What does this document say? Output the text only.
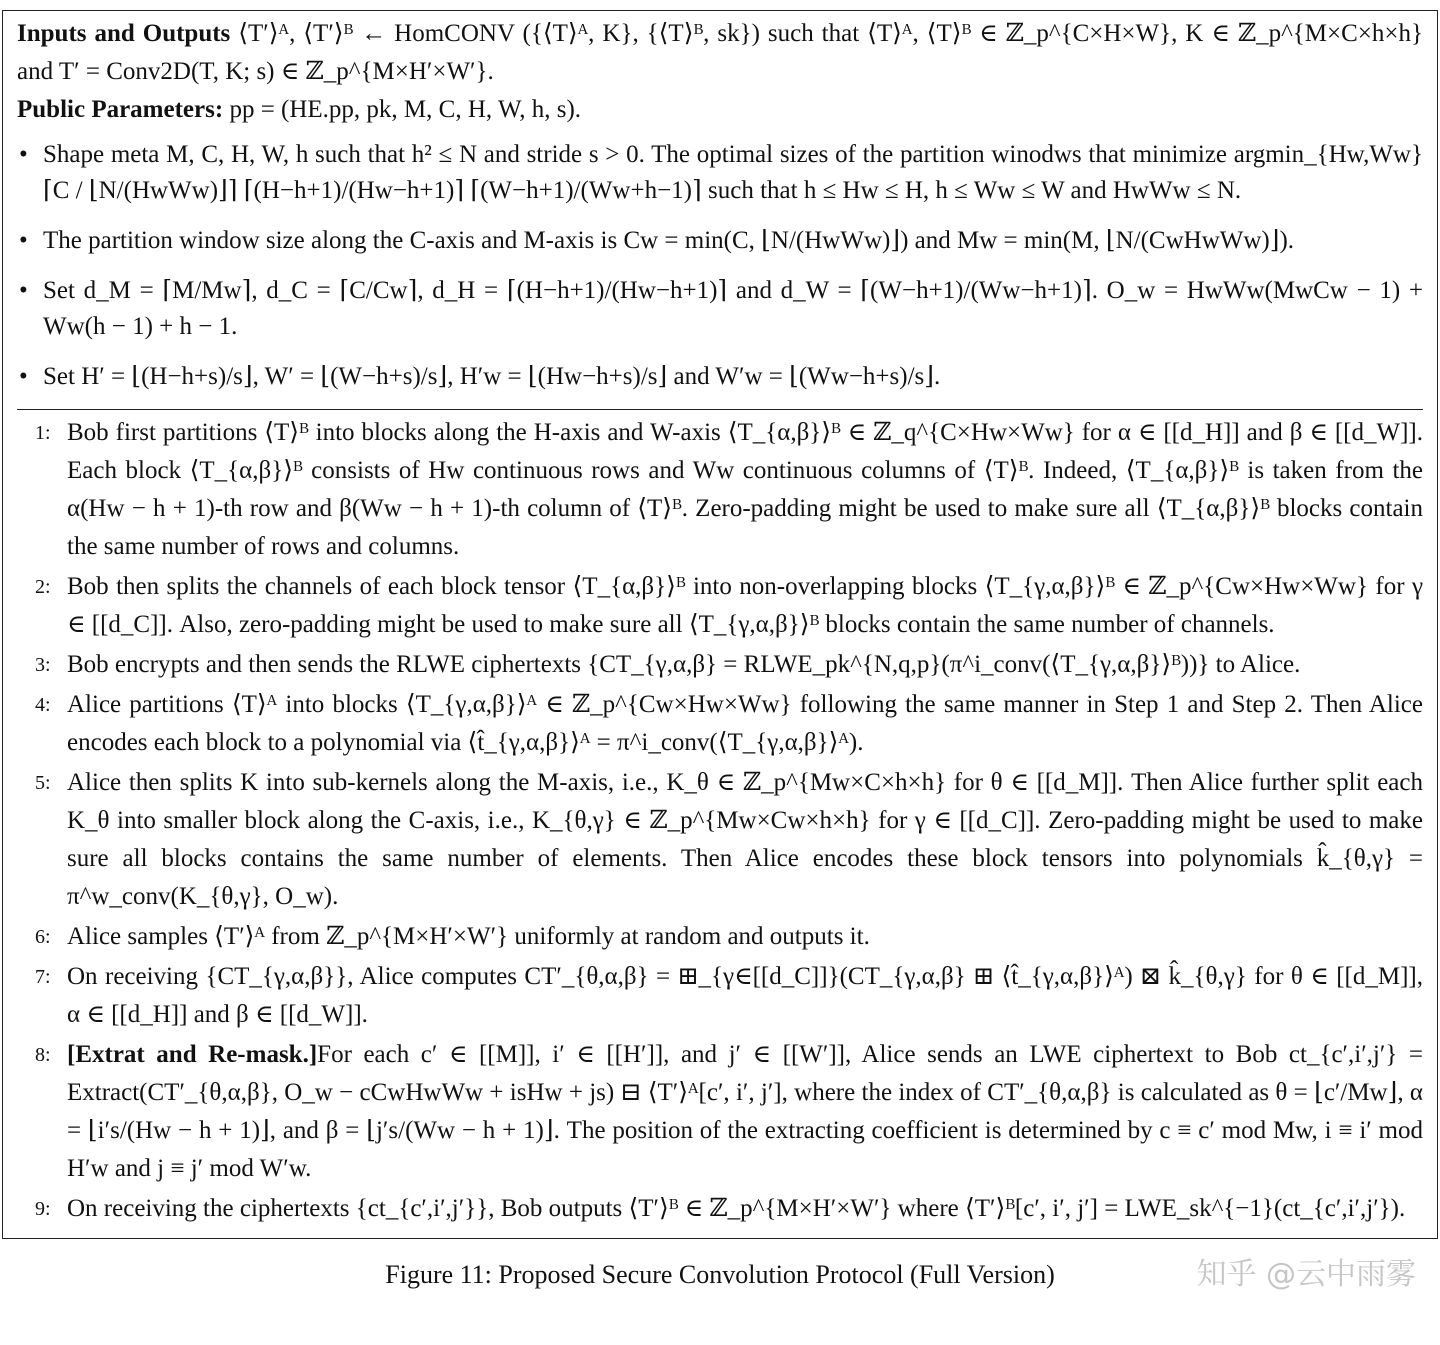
Inputs and Outputs ⟨T′⟩ᴬ, ⟨T′⟩ᴮ ← HomCONV ({⟨T⟩ᴬ, K}, {⟨T⟩ᴮ, sk}) such that ⟨T⟩ᴬ, ⟨T⟩ᴮ ∈ ℤ_p^{C×H×W}, K ∈ ℤ_p^{M×C×h×h} and T′ = Conv2D(T, K; s) ∈ ℤ_p^{M×H′×W′}.

Public Parameters: pp = (HE.pp, pk, M, C, H, W, h, s).

• Shape meta M, C, H, W, h such that h² ≤ N and stride s > 0. The optimal sizes of the partition winodws that minimize argmin_{Hw,Ww} ⌈C / ⌊N/(HwWw)⌋⌉ ⌈(H−h+1)/(Hw−h+1)⌉ ⌈(W−h+1)/(Ww+h−1)⌉ such that h ≤ Hw ≤ H, h ≤ Ww ≤ W and HwWw ≤ N.
• The partition window size along the C-axis and M-axis is Cw = min(C, ⌊N/(HwWw)⌋) and Mw = min(M, ⌊N/(CwHwWw)⌋).
• Set d_M = ⌈M/Mw⌉, d_C = ⌈C/Cw⌉, d_H = ⌈(H−h+1)/(Hw−h+1)⌉ and d_W = ⌈(W−h+1)/(Ww−h+1)⌉. O_w = HwWw(MwCw − 1) + Ww(h − 1) + h − 1.
• Set H′ = ⌊(H−h+s)/s⌋, W′ = ⌊(W−h+s)/s⌋, H′w = ⌊(Hw−h+s)/s⌋ and W′w = ⌊(Ww−h+s)/s⌋.
1: Bob first partitions ⟨T⟩ᴮ into blocks along the H-axis and W-axis ⟨T_{α,β}⟩ᴮ ∈ ℤ_q^{C×Hw×Ww} for α ∈ [[d_H]] and β ∈ [[d_W]]. Each block ⟨T_{α,β}⟩ᴮ consists of Hw continuous rows and Ww continuous columns of ⟨T⟩ᴮ. Indeed, ⟨T_{α,β}⟩ᴮ is taken from the α(Hw − h + 1)-th row and β(Ww − h + 1)-th column of ⟨T⟩ᴮ. Zero-padding might be used to make sure all ⟨T_{α,β}⟩ᴮ blocks contain the same number of rows and columns.
2: Bob then splits the channels of each block tensor ⟨T_{α,β}⟩ᴮ into non-overlapping blocks ⟨T_{γ,α,β}⟩ᴮ ∈ ℤ_p^{Cw×Hw×Ww} for γ ∈ [[d_C]]. Also, zero-padding might be used to make sure all ⟨T_{γ,α,β}⟩ᴮ blocks contain the same number of channels.
3: Bob encrypts and then sends the RLWE ciphertexts {CT_{γ,α,β} = RLWE_pk^{N,q,p}(π^i_conv(⟨T_{γ,α,β}⟩ᴮ))} to Alice.
4: Alice partitions ⟨T⟩ᴬ into blocks ⟨T_{γ,α,β}⟩ᴬ ∈ ℤ_p^{Cw×Hw×Ww} following the same manner in Step 1 and Step 2. Then Alice encodes each block to a polynomial via ⟨t̂_{γ,α,β}⟩ᴬ = π^i_conv(⟨T_{γ,α,β}⟩ᴬ).
5: Alice then splits K into sub-kernels along the M-axis, i.e., K_θ ∈ ℤ_p^{Mw×C×h×h} for θ ∈ [[d_M]]. Then Alice further split each K_θ into smaller block along the C-axis, i.e., K_{θ,γ} ∈ ℤ_p^{Mw×Cw×h×h} for γ ∈ [[d_C]]. Zero-padding might be used to make sure all blocks contains the same number of elements. Then Alice encodes these block tensors into polynomials k̂_{θ,γ} = π^w_conv(K_{θ,γ}, O_w).
6: Alice samples ⟨T′⟩ᴬ from ℤ_p^{M×H′×W′} uniformly at random and outputs it.
7: On receiving {CT_{γ,α,β}}, Alice computes CT′_{θ,α,β} = ⊞_{γ∈[[d_C]]}(CT_{γ,α,β} ⊞ ⟨t̂_{γ,α,β}⟩ᴬ) ⊠ k̂_{θ,γ} for θ ∈ [[d_M]], α ∈ [[d_H]] and β ∈ [[d_W]].
8: [Extrat and Re-mask.]For each c′ ∈ [[M]], i′ ∈ [[H′]], and j′ ∈ [[W′]], Alice sends an LWE ciphertext to Bob ct_{c′,i′,j′} = Extract(CT′_{θ,α,β}, O_w − cCwHwWw + isHw + js) ⊟ ⟨T′⟩ᴬ[c′, i′, j′], where the index of CT′_{θ,α,β} is calculated as θ = ⌊c′/Mw⌋, α = ⌊i′s/(Hw − h + 1)⌋, and β = ⌊j′s/(Ww − h + 1)⌋. The position of the extracting coefficient is determined by c ≡ c′ mod Mw, i ≡ i′ mod H′w and j ≡ j′ mod W′w.
9: On receiving the ciphertexts {ct_{c′,i′,j′}}, Bob outputs ⟨T′⟩ᴮ ∈ ℤ_p^{M×H′×W′} where ⟨T′⟩ᴮ[c′, i′, j′] = LWE_sk^{−1}(ct_{c′,i′,j′}).
Figure 11: Proposed Secure Convolution Protocol (Full Version)	知乎 @云中雨雾
